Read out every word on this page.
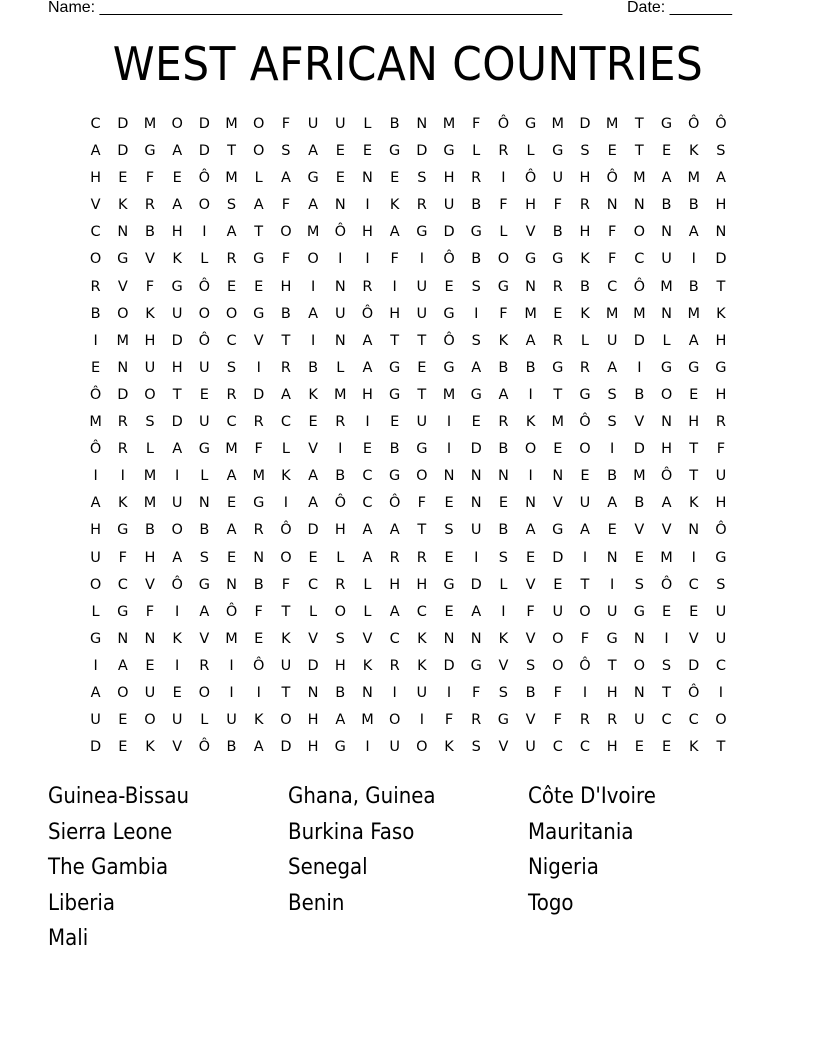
Name: ____________________________________________________	Date: _______
WEST AFRICAN COUNTRIES
C	D	M	O	D	M	O	F	U	U	L	B	N	M	F	Ô	G	M	D	M	T	G	Ô	Ô
A	D	G	A	D	T	O	S	A	E	E	G	D	G	L	R	L	G	S	E	T	E	K	S
H	E	F	E	Ô	M	L	A	G	E	N	E	S	H	R	I	Ô	U	H	Ô	M	A	M	A
V	K	R	A	O	S	A	F	A	N	I	K	R	U	B	F	H	F	R	N	N	B	B	H
C	N	B	H	I	A	T	O	M	Ô	H	A	G	D	G	L	V	B	H	F	O	N	A	N
O	G	V	K	L	R	G	F	O	I	I	F	I	Ô	B	O	G	G	K	F	C	U	I	D
R	V	F	G	Ô	E	E	H	I	N	R	I	U	E	S	G	N	R	B	C	Ô	M	B	T
B	O	K	U	O	O	G	B	A	U	Ô	H	U	G	I	F	M	E	K	M	M	N	M	K
I	M	H	D	Ô	C	V	T	I	N	A	T	T	Ô	S	K	A	R	L	U	D	L	A	H
E	N	U	H	U	S	I	R	B	L	A	G	E	G	A	B	B	G	R	A	I	G	G	G
Ô	D	O	T	E	R	D	A	K	M	H	G	T	M	G	A	I	T	G	S	B	O	E	H
M	R	S	D	U	C	R	C	E	R	I	E	U	I	E	R	K	M	Ô	S	V	N	H	R
Ô	R	L	A	G	M	F	L	V	I	E	B	G	I	D	B	O	E	O	I	D	H	T	F
I	I	M	I	L	A	M	K	A	B	C	G	O	N	N	N	I	N	E	B	M	Ô	T	U
A	K	M	U	N	E	G	I	A	Ô	C	Ô	F	E	N	E	N	V	U	A	B	A	K	H
H	G	B	O	B	A	R	Ô	D	H	A	A	T	S	U	B	A	G	A	E	V	V	N	Ô
U	F	H	A	S	E	N	O	E	L	A	R	R	E	I	S	E	D	I	N	E	M	I	G
O	C	V	Ô	G	N	B	F	C	R	L	H	H	G	D	L	V	E	T	I	S	Ô	C	S
L	G	F	I	A	Ô	F	T	L	O	L	A	C	E	A	I	F	U	O	U	G	E	E	U
G	N	N	K	V	M	E	K	V	S	V	C	K	N	N	K	V	O	F	G	N	I	V	U
I	A	E	I	R	I	Ô	U	D	H	K	R	K	D	G	V	S	O	Ô	T	O	S	D	C
A	O	U	E	O	I	I	T	N	B	N	I	U	I	F	S	B	F	I	H	N	T	Ô	I
U	E	O	U	L	U	K	O	H	A	M	O	I	F	R	G	V	F	R	R	U	C	C	O
D	E	K	V	Ô	B	A	D	H	G	I	U	O	K	S	V	U	C	C	H	E	E	K	T
Guinea-Bissau	Ghana, Guinea	Côte D'Ivoire
Sierra Leone	Burkina Faso	Mauritania
The Gambia	Senegal	Nigeria
Liberia	Benin	Togo
Mali
